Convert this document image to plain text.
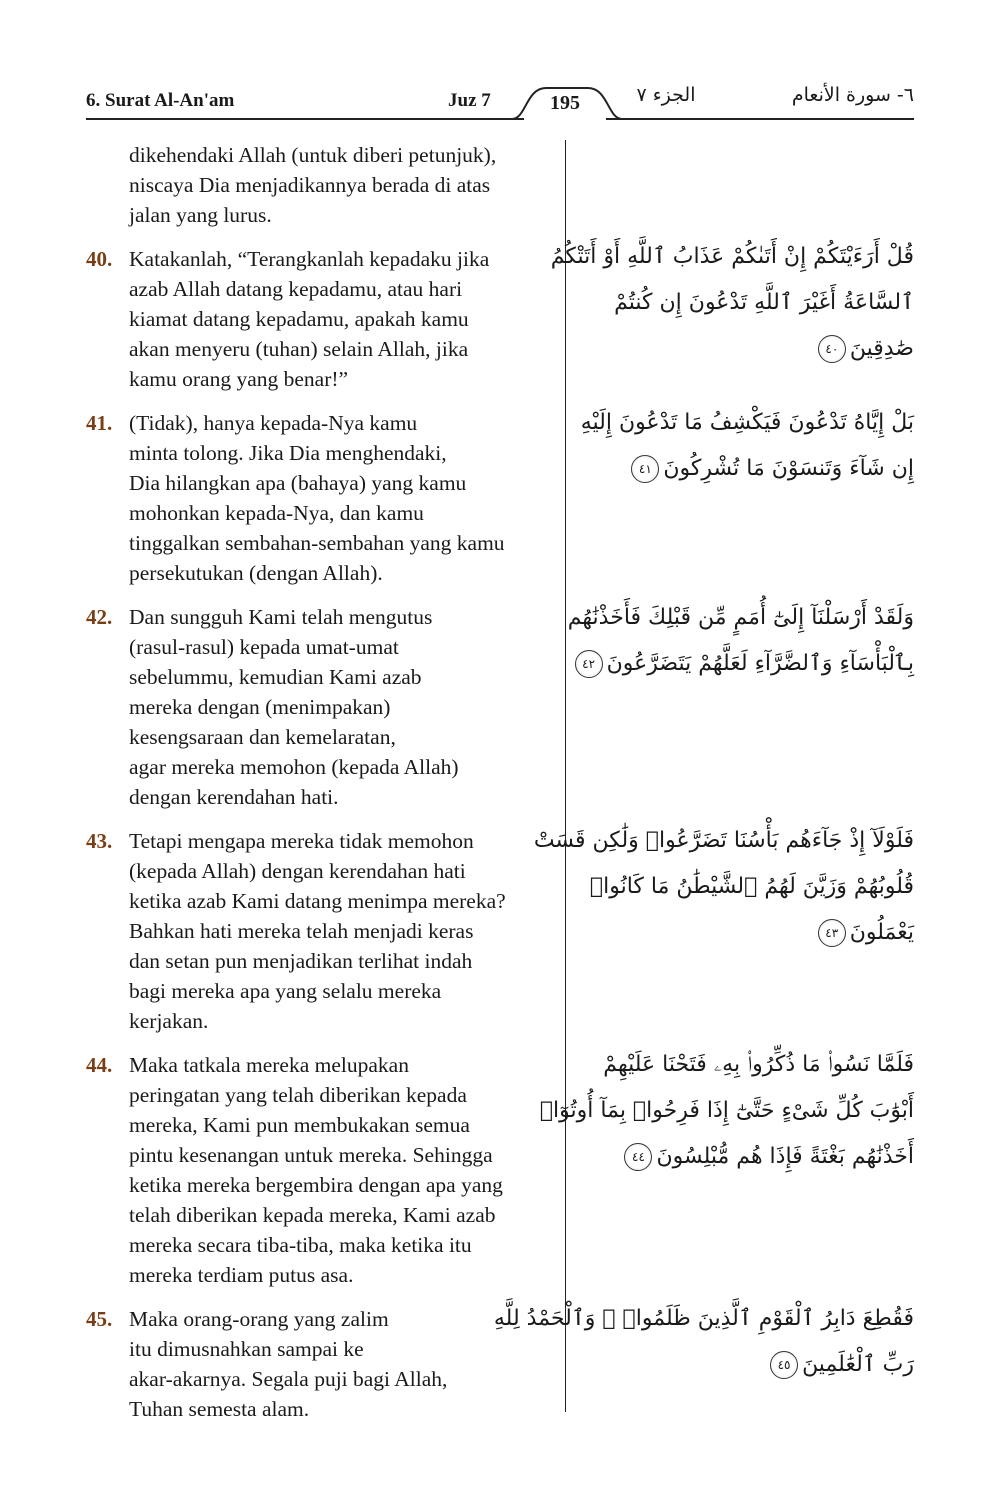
6. Surat Al-An'am	Juz 7	195	الجزء ٧	٦- سورة الأنعام
dikehendaki Allah (untuk diberi petunjuk),
niscaya Dia menjadikannya berada di atas
jalan yang lurus.
40. Katakanlah, “Terangkanlah kepadaku jika
azab Allah datang kepadamu, atau hari
kiamat datang kepadamu, apakah kamu
akan menyeru (tuhan) selain Allah, jika
kamu orang yang benar!”
41. (Tidak), hanya kepada-Nya kamu
minta tolong. Jika Dia menghendaki,
Dia hilangkan apa (bahaya) yang kamu
mohonkan kepada-Nya, dan kamu
tinggalkan sembahan-sembahan yang kamu
persekutukan (dengan Allah).
42. Dan sungguh Kami telah mengutus
(rasul-rasul) kepada umat-umat
sebelummu, kemudian Kami azab
mereka dengan (menimpakan)
kesengsaraan dan kemelaratan,
agar mereka memohon (kepada Allah)
dengan kerendahan hati.
43. Tetapi mengapa mereka tidak memohon
(kepada Allah) dengan kerendahan hati
ketika azab Kami datang menimpa mereka?
Bahkan hati mereka telah menjadi keras
dan setan pun menjadikan terlihat indah
bagi mereka apa yang selalu mereka
kerjakan.
44. Maka tatkala mereka melupakan
peringatan yang telah diberikan kepada
mereka, Kami pun membukakan semua
pintu kesenangan untuk mereka. Sehingga
ketika mereka bergembira dengan apa yang
telah diberikan kepada mereka, Kami azab
mereka secara tiba-tiba, maka ketika itu
mereka terdiam putus asa.
45. Maka orang-orang yang zalim
itu dimusnahkan sampai ke
akar-akarnya. Segala puji bagi Allah,
Tuhan semesta alam.
قُلْ أَرَءَيْتَكُمْ إِنْ أَتَىٰكُمْ عَذَابُ ٱللَّهِ أَوْ أَتَتْكُمُ
ٱلسَّاعَةُ أَغَيْرَ ٱللَّهِ تَدْعُونَ إِن كُنتُمْ
صَٰدِقِينَ٤٠
بَلْ إِيَّاهُ تَدْعُونَ فَيَكْشِفُ مَا تَدْعُونَ إِلَيْهِ
إِن شَآءَ وَتَنسَوْنَ مَا تُشْرِكُونَ٤١
وَلَقَدْ أَرْسَلْنَآ إِلَىٰٓ أُمَمٍ مِّن قَبْلِكَ فَأَخَذْنَٰهُم
بِٱلْبَأْسَآءِ وَٱلضَّرَّآءِ لَعَلَّهُمْ يَتَضَرَّعُونَ٤٢
فَلَوْلَآ إِذْ جَآءَهُم بَأْسُنَا تَضَرَّعُوا۟ وَلَٰكِن قَسَتْ
قُلُوبُهُمْ وَزَيَّنَ لَهُمُ ٱلشَّيْطَٰنُ مَا كَانُوا۟
يَعْمَلُونَ٤٣
فَلَمَّا نَسُوا۟ مَا ذُكِّرُوا۟ بِهِۦ فَتَحْنَا عَلَيْهِمْ
أَبْوَٰبَ كُلِّ شَىْءٍ حَتَّىٰٓ إِذَا فَرِحُوا۟ بِمَآ أُوتُوٓا۟
أَخَذْنَٰهُم بَغْتَةً فَإِذَا هُم مُّبْلِسُونَ٤٤
فَقُطِعَ دَابِرُ ٱلْقَوْمِ ٱلَّذِينَ ظَلَمُوا۟ ۚ وَٱلْحَمْدُ لِلَّهِ
رَبِّ ٱلْعَٰلَمِينَ٤٥
